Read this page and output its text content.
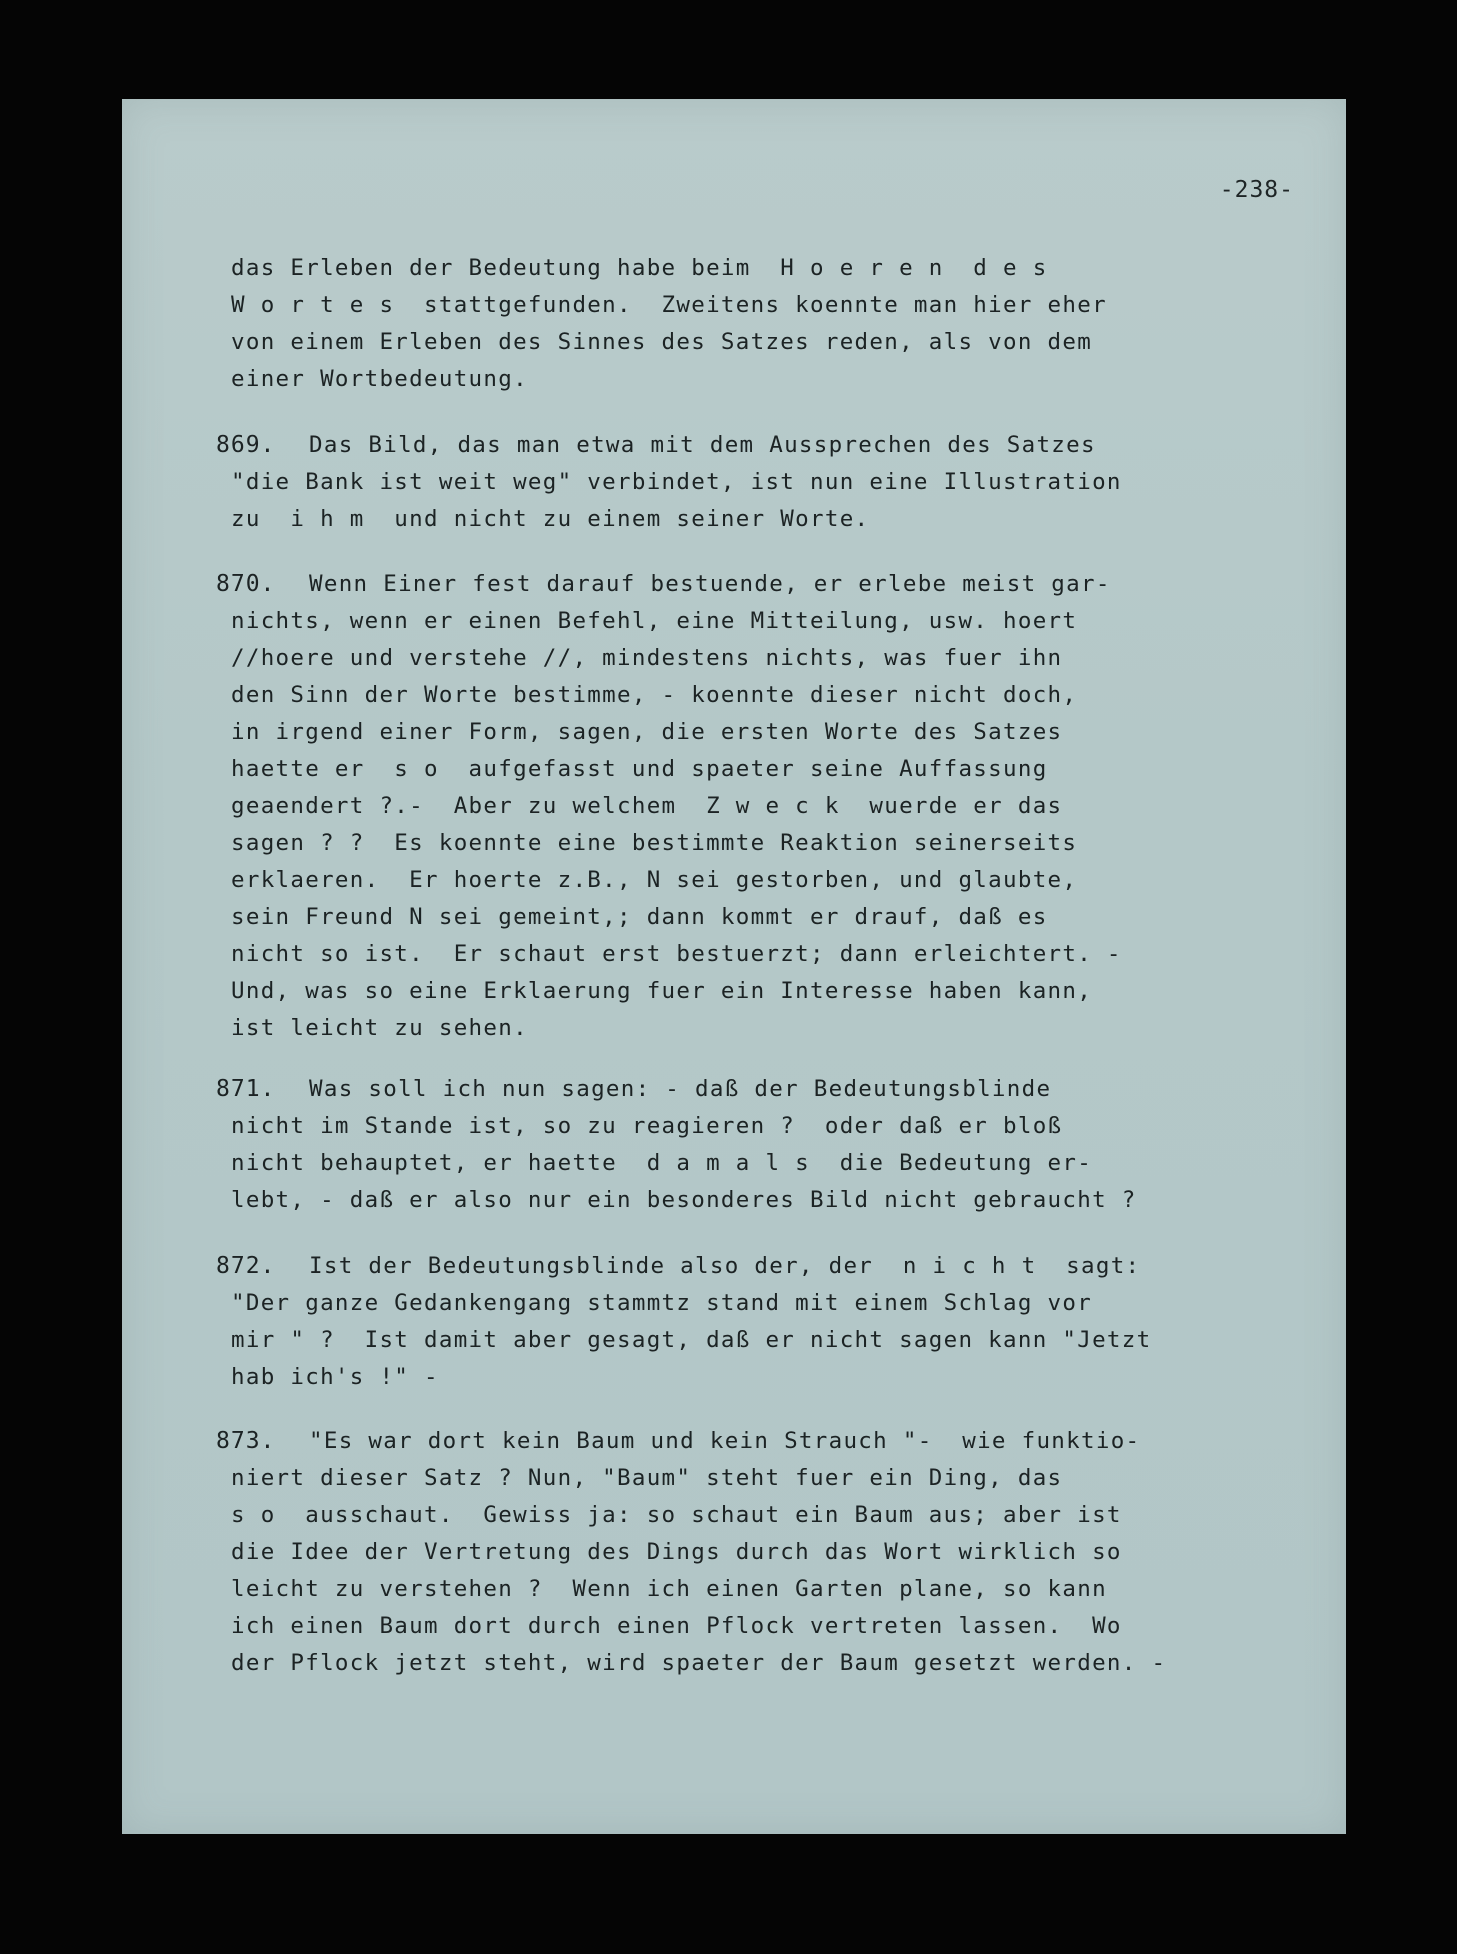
-238-
das Erleben der Bedeutung habe beim  H o e r e n  d e s
W o r t e s  stattgefunden.  Zweitens koennte man hier eher
von einem Erleben des Sinnes des Satzes reden, als von dem
einer Wortbedeutung.
869. Das Bild, das man etwa mit dem Aussprechen des Satzes
"die Bank ist weit weg" verbindet, ist nun eine Illustration
zu  i h m  und nicht zu einem seiner Worte.
870. Wenn Einer fest darauf bestuende, er erlebe meist gar-
nichts, wenn er einen Befehl, eine Mitteilung, usw. hoert
//hoere und verstehe //, mindestens nichts, was fuer ihn
den Sinn der Worte bestimme, - koennte dieser nicht doch,
in irgend einer Form, sagen, die ersten Worte des Satzes
haette er  s o  aufgefasst und spaeter seine Auffassung
geaendert ?.-  Aber zu welchem  Z w e c k  wuerde er das
sagen ? ?  Es koennte eine bestimmte Reaktion seinerseits
erklaeren.  Er hoerte z.B., N sei gestorben, und glaubte,
sein Freund N sei gemeint,; dann kommt er drauf, daß es
nicht so ist.  Er schaut erst bestuerzt; dann erleichtert. -
Und, was so eine Erklaerung fuer ein Interesse haben kann,
ist leicht zu sehen.
871. Was soll ich nun sagen: - daß der Bedeutungsblinde
nicht im Stande ist, so zu reagieren ?  oder daß er bloß
nicht behauptet, er haette  d a m a l s  die Bedeutung er-
lebt, - daß er also nur ein besonderes Bild nicht gebraucht ?
872. Ist der Bedeutungsblinde also der, der  n i c h t  sagt:
"Der ganze Gedankengang stammtz stand mit einem Schlag vor
mir " ?  Ist damit aber gesagt, daß er nicht sagen kann "Jetzt
hab ich's !" -
873. "Es war dort kein Baum und kein Strauch "-  wie funktio-
niert dieser Satz ? Nun, "Baum" steht fuer ein Ding, das
s o  ausschaut.  Gewiss ja: so schaut ein Baum aus; aber ist
die Idee der Vertretung des Dings durch das Wort wirklich so
leicht zu verstehen ?  Wenn ich einen Garten plane, so kann
ich einen Baum dort durch einen Pflock vertreten lassen.  Wo
der Pflock jetzt steht, wird spaeter der Baum gesetzt werden. -
